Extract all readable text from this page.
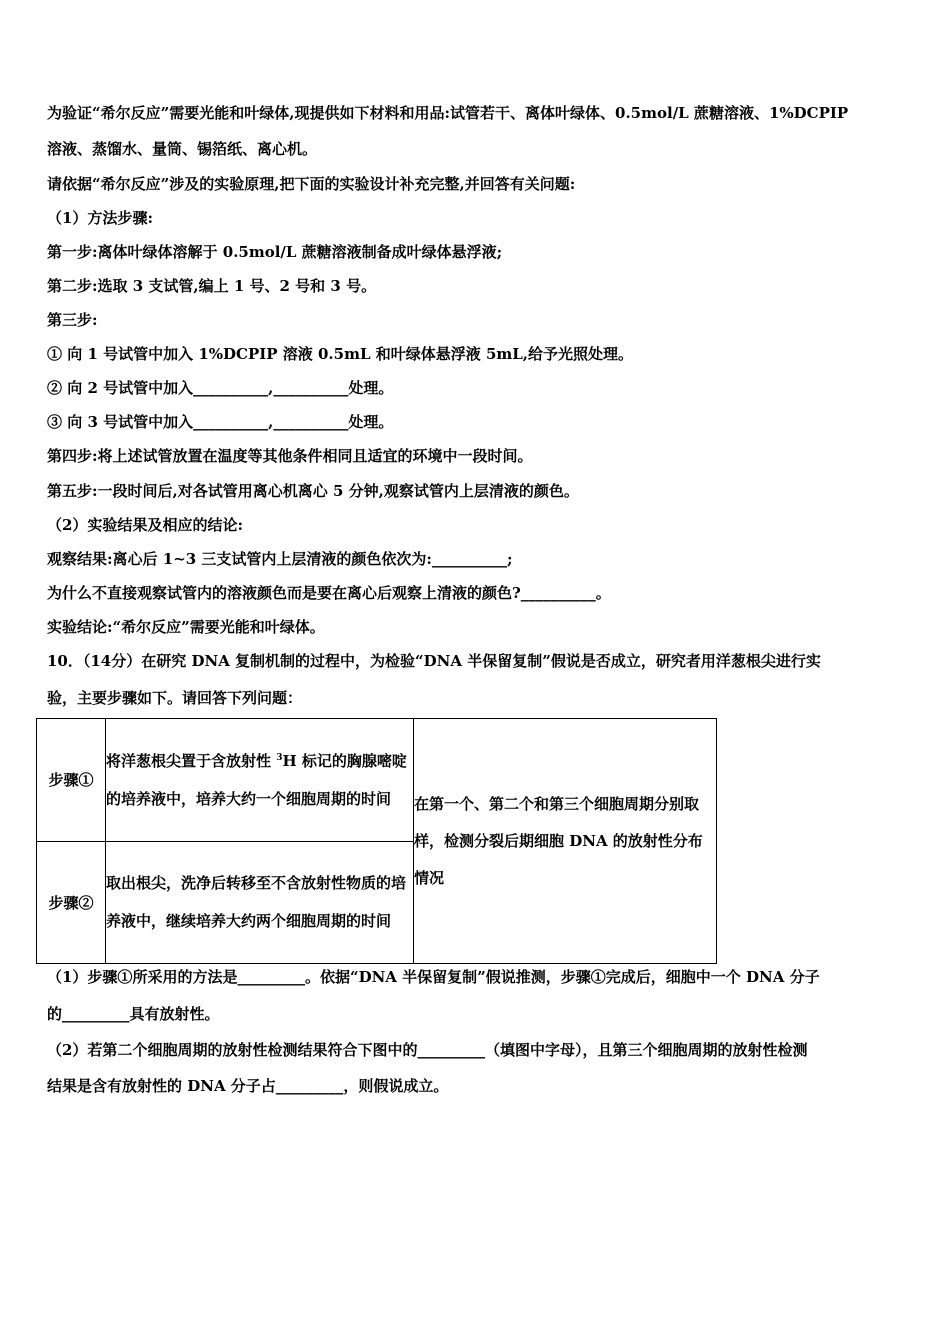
为验证“希尔反应”需要光能和叶绿体,现提供如下材料和用品:试管若干、离体叶绿体、0.5mol/L 蔗糖溶液、1%DCPIP
溶液、蒸馏水、量筒、锡箔纸、离心机。
请依据“希尔反应”涉及的实验原理,把下面的实验设计补充完整,并回答有关问题:
（1）方法步骤:
第一步:离体叶绿体溶解于 0.5mol/L 蔗糖溶液制备成叶绿体悬浮液;
第二步:选取 3 支试管,编上 1 号、2 号和 3 号。
第三步:
① 向 1 号试管中加入 1%DCPIP 溶液 0.5mL 和叶绿体悬浮液 5mL,给予光照处理。
② 向 2 号试管中加入__________,__________处理。
③ 向 3 号试管中加入__________,__________处理。
第四步:将上述试管放置在温度等其他条件相同且适宜的环境中一段时间。
第五步:一段时间后,对各试管用离心机离心 5 分钟,观察试管内上层清液的颜色。
（2）实验结果及相应的结论:
观察结果:离心后 1~3 三支试管内上层清液的颜色依次为:__________;
为什么不直接观察试管内的溶液颜色而是要在离心后观察上清液的颜色?__________。
实验结论:“希尔反应”需要光能和叶绿体。
10．（14分）在研究 DNA 复制机制的过程中，为检验“DNA 半保留复制”假说是否成立，研究者用洋葱根尖进行实
验，主要步骤如下。请回答下列问题：
步骤①	将洋葱根尖置于含放射性 $^3$H 标记的胸腺嘧啶的培养液中，培养大约一个细胞周期的时间	在第一个、第二个和第三个细胞周期分别取样，检测分裂后期细胞 DNA 的放射性分布情况
步骤②	取出根尖，洗净后转移至不含放射性物质的培养液中，继续培养大约两个细胞周期的时间	
（1）步骤①所采用的方法是_________。依据“DNA 半保留复制”假说推测，步骤①完成后，细胞中一个 DNA 分子
的_________具有放射性。
（2）若第二个细胞周期的放射性检测结果符合下图中的_________（填图中字母），且第三个细胞周期的放射性检测
结果是含有放射性的 DNA 分子占_________，则假说成立。
